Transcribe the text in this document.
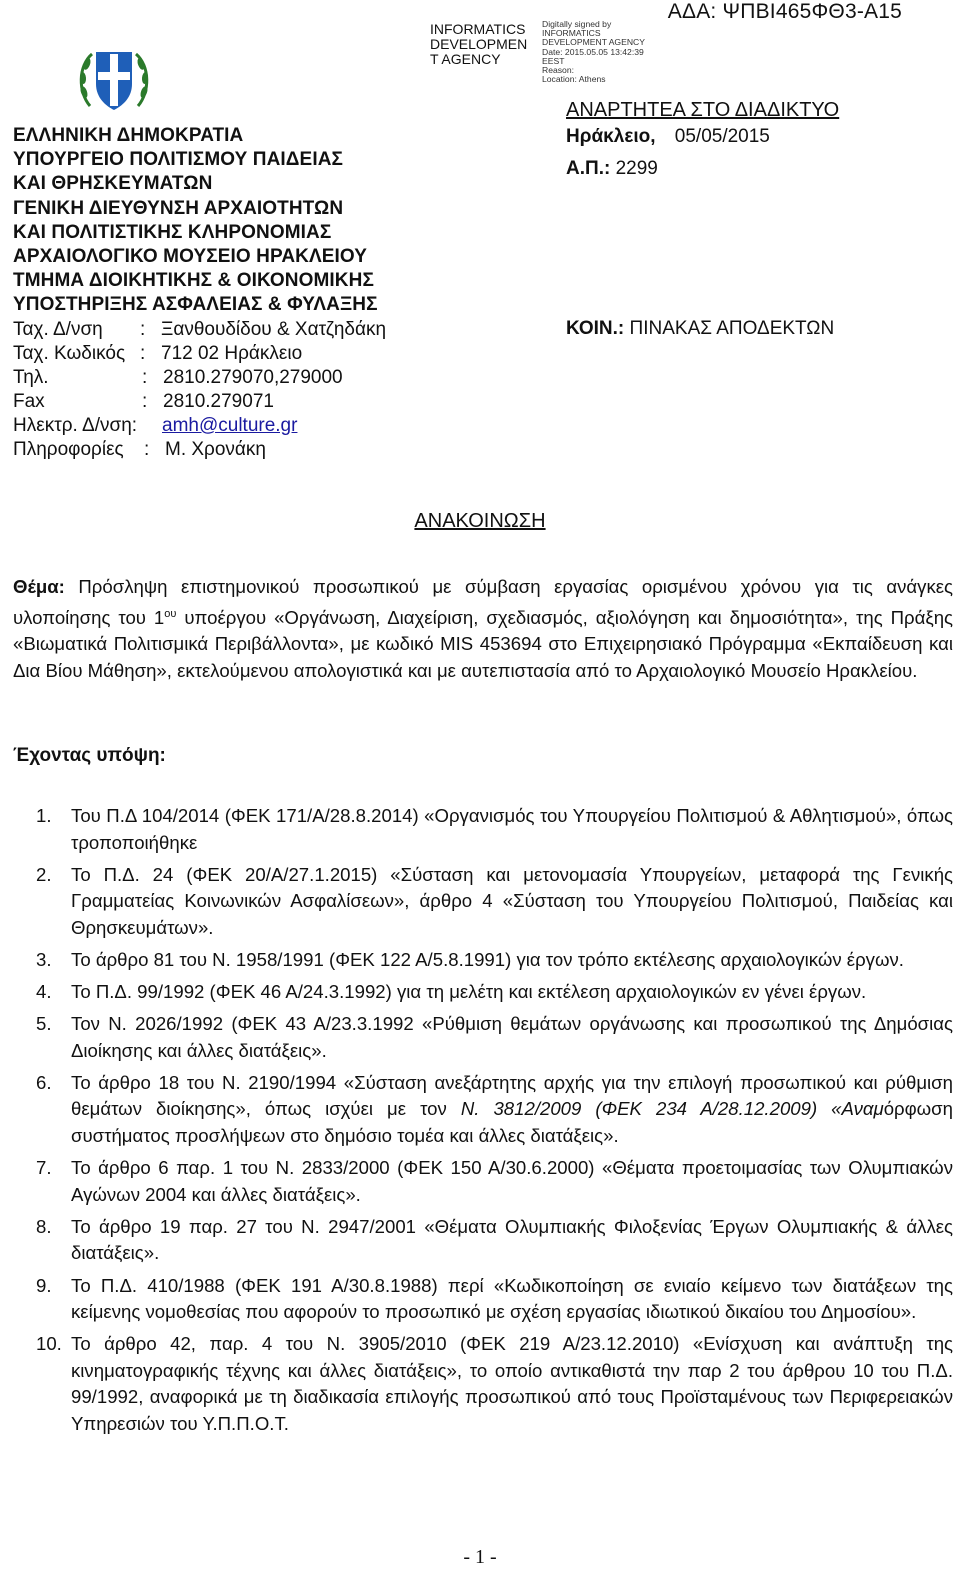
ΑΔΑ: ΨΠΒΙ465ΦΘ3-Α15
INFORMATICS
DEVELOPMEN
T AGENCY
Digitally signed by
INFORMATICS
DEVELOPMENT AGENCY
Date: 2015.05.05 13:42:39
EEST
Reason:
Location: Athens
ΕΛΛΗΝΙΚΗ ΔΗΜΟΚΡΑΤΙΑ
ΥΠΟΥΡΓΕΙΟ ΠΟΛΙΤΙΣΜΟΥ ΠΑΙΔΕΙΑΣ
ΚΑΙ ΘΡΗΣΚΕΥΜΑΤΩΝ
ΓΕΝΙΚΗ ΔΙΕΥΘΥΝΣΗ ΑΡΧΑΙΟΤΗΤΩΝ
ΚΑΙ ΠΟΛΙΤΙΣΤΙΚΗΣ ΚΛΗΡΟΝΟΜΙΑΣ
ΑΡΧΑΙΟΛΟΓΙΚΟ ΜΟΥΣΕΙΟ ΗΡΑΚΛΕΙΟΥ
ΤΜΗΜΑ ΔΙΟΙΚΗΤΙΚΗΣ & ΟΙΚΟΝΟΜΙΚΗΣ
ΥΠΟΣΤΗΡΙΞΗΣ ΑΣΦΑΛΕΙΑΣ & ΦΥΛΑΞΗΣ
Ταχ. Δ/νση : Ξανθουδίδου & Χατζηδάκη
Ταχ. Κωδικός : 712 02 Ηράκλειο
Τηλ.	: 2810.279070,279000
Fax	: 2810.279071
Ηλεκτρ. Δ/νση: amh@culture.gr
Πληροφορίες : Μ. Χρονάκη
ΑΝΑΡΤΗΤΕΑ ΣΤΟ ΔΙΑΔΙΚΤΥΟ
Ηράκλειο, 05/05/2015
Α.Π.: 2299
ΚΟΙΝ.: ΠΙΝΑΚΑΣ ΑΠΟΔΕΚΤΩΝ
ΑΝΑΚΟΙΝΩΣΗ

Θέμα: Πρόσληψη επιστημονικού προσωπικού με σύμβαση εργασίας ορισμένου χρόνου για τις ανάγκες υλοποίησης του $1^{o\upsilon}$ υποέργου «Οργάνωση, Διαχείριση, σχεδιασμός, αξιολόγηση και δημοσιότητα», της Πράξης «Βιωματικά Πολιτισμικά Περιβάλλοντα», με κωδικό MIS 453694 στο Επιχειρησιακό Πρόγραμμα «Εκπαίδευση και Δια Βίου Μάθηση», εκτελούμενου απολογιστικά και με αυτεπιστασία από το Αρχαιολογικό Μουσείο Ηρακλείου.

Έχοντας υπόψη:
1. Του Π.Δ 104/2014 (ΦΕΚ 171/Α/28.8.2014) «Οργανισμός του Υπουργείου Πολιτισμού & Αθλητισμού», όπως τροποποιήθηκε
2. Το Π.Δ. 24 (ΦΕΚ 20/Α/27.1.2015) «Σύσταση και μετονομασία Υπουργείων, μεταφορά της Γενικής Γραμματείας Κοινωνικών Ασφαλίσεων», άρθρο 4 «Σύσταση του Υπουργείου Πολιτισμού, Παιδείας και Θρησκευμάτων».
3. Το άρθρο 81 του Ν. 1958/1991 (ΦΕΚ 122 Α/5.8.1991) για τον τρόπο εκτέλεσης αρχαιολογικών έργων.
4. Το Π.Δ. 99/1992 (ΦΕΚ 46 Α/24.3.1992) για τη μελέτη και εκτέλεση αρχαιολογικών εν γένει έργων.
5. Τον Ν. 2026/1992 (ΦΕΚ 43 Α/23.3.1992 «Ρύθμιση θεμάτων οργάνωσης και προσωπικού της Δημόσιας Διοίκησης και άλλες διατάξεις».
6. Το άρθρο 18 του Ν. 2190/1994 «Σύσταση ανεξάρτητης αρχής για την επιλογή προσωπικού και ρύθμιση θεμάτων διοίκησης», όπως ισχύει με τον Ν. 3812/2009 (ΦΕΚ 234 Α/28.12.2009) «Αναμόρφωση συστήματος προσλήψεων στο δημόσιο τομέα και άλλες διατάξεις».
7. Το άρθρο 6 παρ. 1 του Ν. 2833/2000 (ΦΕΚ 150 Α/30.6.2000) «Θέματα προετοιμασίας των Ολυμπιακών Αγώνων 2004 και άλλες διατάξεις».
8. Το άρθρο 19 παρ. 27 του Ν. 2947/2001 «Θέματα Ολυμπιακής Φιλοξενίας Έργων Ολυμπιακής & άλλες διατάξεις».
9. Το Π.Δ. 410/1988 (ΦΕΚ 191 Α/30.8.1988) περί «Κωδικοποίηση σε ενιαίο κείμενο των διατάξεων της κείμενης νομοθεσίας που αφορούν το προσωπικό με σχέση εργασίας ιδιωτικού δικαίου του Δημοσίου».
10. Το άρθρο 42, παρ. 4 του Ν. 3905/2010 (ΦΕΚ 219 Α/23.12.2010) «Ενίσχυση και ανάπτυξη της κινηματογραφικής τέχνης και άλλες διατάξεις», το οποίο αντικαθιστά την παρ 2 του άρθρου 10 του Π.Δ. 99/1992, αναφορικά με τη διαδικασία επιλογής προσωπικού από τους Προϊσταμένους των Περιφερειακών Υπηρεσιών του Υ.Π.Π.Ο.Τ.
- 1 -
